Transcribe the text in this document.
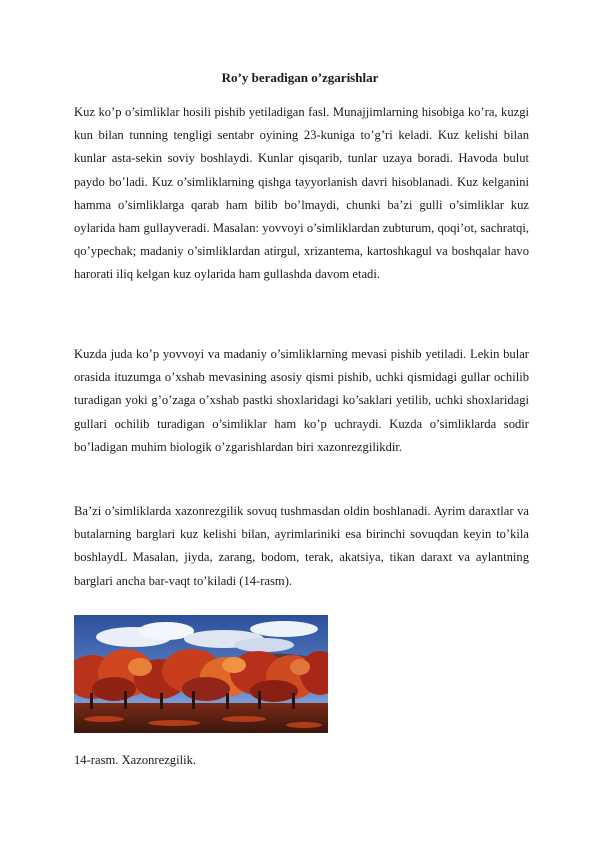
Ro’y beradigan o’zgarishlar

Kuz ko’p o’simliklar hosili pishib yetiladigan fasl. Munajjimlarning hisobiga ko’ra, kuzgi kun bilan tunning tengligi sentabr oyining 23-kuniga to’g’ri keladi. Kuz kelishi bilan kunlar asta-sekin soviy boshlaydi. Kunlar qisqarib, tunlar uzaya boradi. Havoda bulut paydo bo’ladi. Kuz o’simliklarning qishga tayyorlanish davri hisoblanadi. Kuz kelganini hamma o’simliklarga qarab ham bilib bo’lmaydi, chunki ba’zi gulli o’simliklar kuz oylarida ham gullayveradi. Masalan: yovvoyi o’simliklardan zubturum, qoqi’ot, sachratqi, qo’ypechak; madaniy o’simliklardan atirgul, xrizantema, kartoshkagul va boshqalar havo harorati iliq kelgan kuz oylarida ham gullashda davom etadi.

Kuzda juda ko’p yovvoyi va madaniy o’simliklarning mevasi pishib yetiladi. Lekin bular orasida ituzumga o’xshab mevasining asosiy qismi pishib, uchki qismidagi gullar ochilib turadigan yoki g’o’zaga o’xshab pastki shoxlaridagi ko’saklari yetilib, uchki shoxlaridagi gullari ochilib turadigan o’simliklar ham ko’p uchraydi. Kuzda o’simliklarda sodir bo’ladigan muhim biologik o’zgarishlardan biri xazonrezgilikdir.

Ba’zi o’simliklarda xazonrezgilik sovuq tushmasdan oldin boshlanadi. Ayrim daraxtlar va butalarning barglari kuz kelishi bilan, ayrimlariniki esa birinchi sovuqdan keyin to’kila boshlaydL Masalan, jiyda, zarang, bodom, terak, akatsiya, tikan daraxt va aylantning barglari ancha bar-vaqt to’kiladi (14-rasm).

14-rasm. Xazonrezgilik.
